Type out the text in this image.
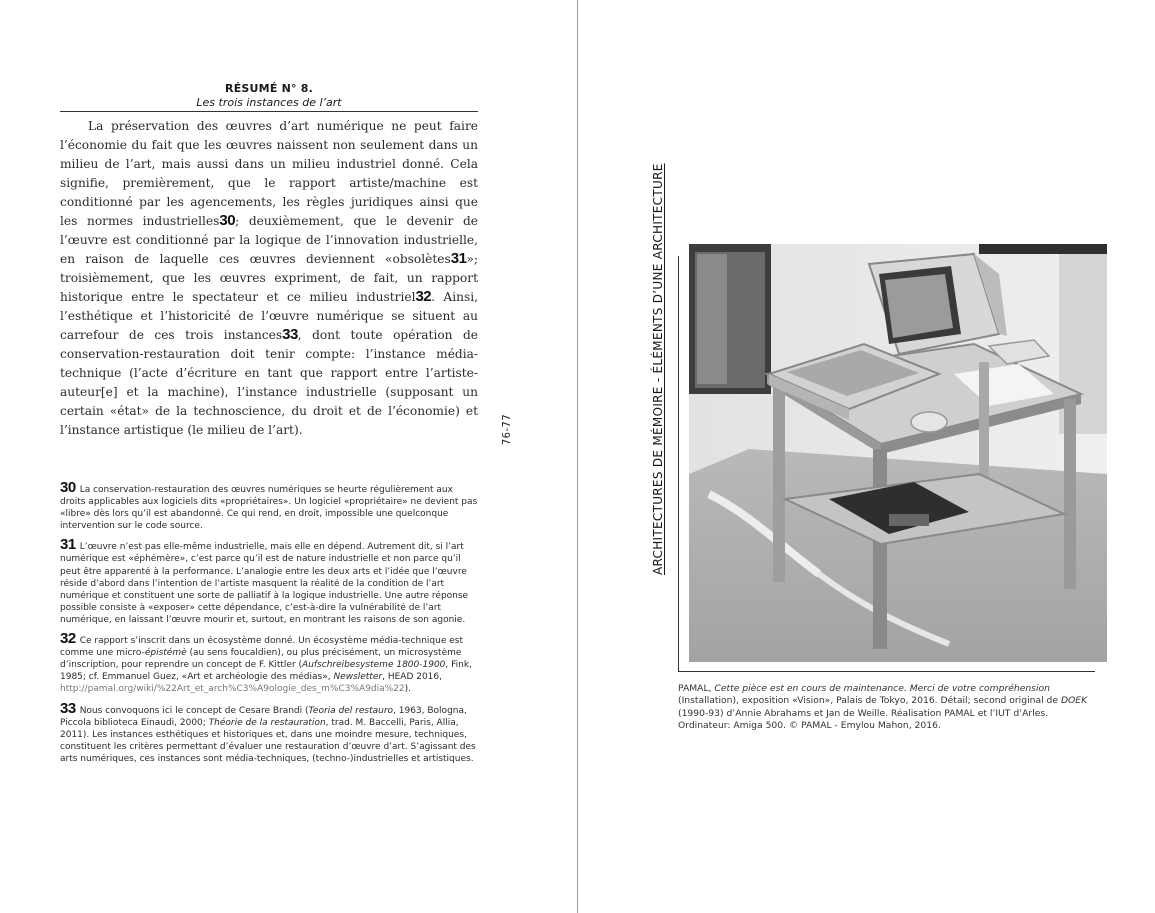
RÉSUMÉ N° 8.
Les trois instances de l’art

La préservation des œuvres d’art numérique ne peut faire l’économie du fait que les œuvres naissent non seulement dans un milieu de l’art, mais aussi dans un milieu industriel donné. Cela signifie, premièrement, que le rapport artiste/machine est conditionné par les agencements, les règles juridiques ainsi que les normes industrielles30; deuxièmement, que le devenir de l’œuvre est conditionné par la logique de l’innovation industrielle, en raison de laquelle ces œuvres deviennent «obsolètes31»; troisièmement, que les œuvres expriment, de fait, un rapport historique entre le spectateur et ce milieu industriel32. Ainsi, l’esthétique et l’historicité de l’œuvre numérique se situent au carrefour de ces trois instances33, dont toute opération de conservation-restauration doit tenir compte: l’instance média-technique (l’acte d’écriture en tant que rapport entre l’artiste-auteur[e] et la machine), l’instance industrielle (supposant un certain «état» de la technoscience, du droit et de l’économie) et l’instance artistique (le milieu de l’art).

30 La conservation-restauration des œuvres numériques se heurte régulièrement aux droits applicables aux logiciels dits «propriétaires». Un logiciel «propriétaire» ne devient pas «libre» dès lors qu’il est abandonné. Ce qui rend, en droit, impossible une quelconque intervention sur le code source.

31 L’œuvre n’est pas elle-même industrielle, mais elle en dépend. Autrement dit, si l’art numérique est «éphémère», c’est parce qu’il est de nature industrielle et non parce qu’il peut être apparenté à la performance. L’analogie entre les deux arts et l’idée que l’œuvre réside d’abord dans l’intention de l’artiste masquent la réalité de la condition de l’art numérique et constituent une sorte de palliatif à la logique industrielle. Une autre réponse possible consiste à «exposer» cette dépendance, c’est-à-dire la vulnérabilité de l’art numérique, en laissant l’œuvre mourir et, surtout, en montrant les raisons de son agonie.

32 Ce rapport s’inscrit dans un écosystème donné. Un écosystème média-technique est comme une micro-épistémè (au sens foucaldien), ou plus précisément, un microsystème d’inscription, pour reprendre un concept de F. Kittler (Aufschreibesysteme 1800-1900, Fink, 1985; cf. Emmanuel Guez, «Art et archéologie des médias», Newsletter, HEAD 2016, http://pamal.org/wiki/%22Art_et_arch%C3%A9ologie_des_m%C3%A9dia%22).

33 Nous convoquons ici le concept de Cesare Brandi (Teoria del restauro, 1963, Bologna, Piccola biblioteca Einaudi, 2000; Théorie de la restauration, trad. M. Baccelli, Paris, Allia, 2011). Les instances esthétiques et historiques et, dans une moindre mesure, techniques, constituent les critères permettant d’évaluer une restauration d’œuvre d’art. S’agissant des arts numériques, ces instances sont média-techniques, (techno-)industrielles et artistiques.

76-77	ARCHITECTURES DE MÉMOIRE - ÉLÉMENTS D’UNE ARCHITECTURE
PAMAL, Cette pièce est en cours de maintenance. Merci de votre compréhension (Installation), exposition «Vision», Palais de Tokyo, 2016. Détail; second original de DOEK (1990-93) d’Annie Abrahams et Jan de Weille. Réalisation PAMAL et l’IUT d’Arles. Ordinateur: Amiga 500. © PAMAL - Emylou Mahon, 2016.
